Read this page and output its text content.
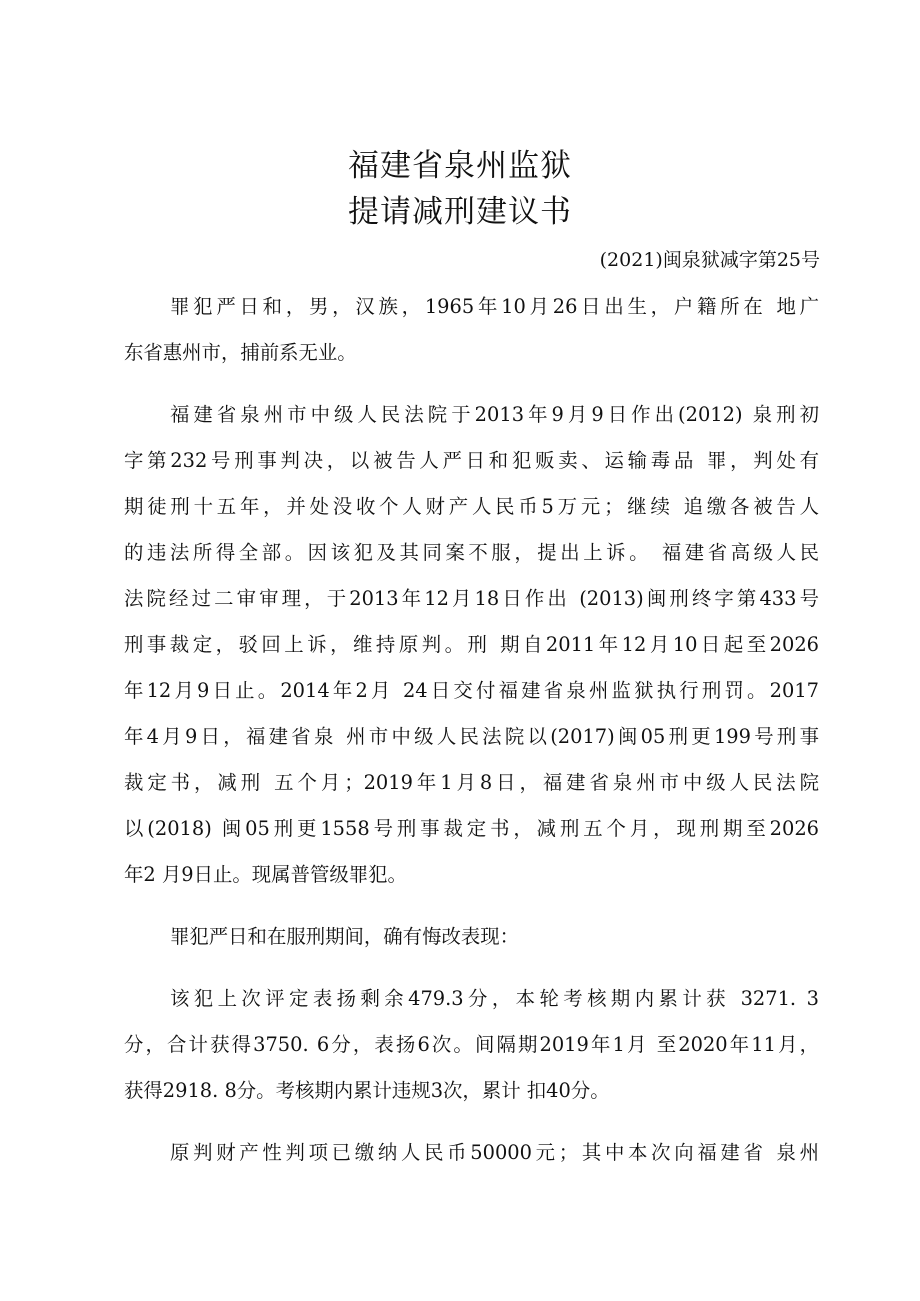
福建省泉州监狱
提请减刑建议书
(2021)闽泉狱减字第25号
罪犯严日和，男，汉族，1965年10月26日出生，户籍所在 地广
东省惠州市，捕前系无业。
福建省泉州市中级人民法院于2013年9月9日作出(2012) 泉刑初
字第232号刑事判决，以被告人严日和犯贩卖、运输毒品 罪，判处有
期徒刑十五年，并处没收个人财产人民币5万元；继续 追缴各被告人
的违法所得全部。因该犯及其同案不服，提出上诉。 福建省高级人民
法院经过二审审理，于2013年12月18日作出 (2013)闽刑终字第433号
刑事裁定，驳回上诉，维持原判。刑 期自2011年12月10日起至2026
年12月9日止。2014年2月 24日交付福建省泉州监狱执行刑罚。2017
年4月9日，福建省泉 州市中级人民法院以(2017)闽05刑更199号刑事
裁定书，减刑 五个月；2019年1月8日，福建省泉州市中级人民法院
以(2018) 闽05刑更1558号刑事裁定书，减刑五个月，现刑期至2026
年2 月9日止。现属普管级罪犯。
罪犯严日和在服刑期间，确有悔改表现：
该犯上次评定表扬剩余479.3分，本轮考核期内累计获 3271. 3
分，合计获得3750. 6分，表扬6次。间隔期2019年1月 至2020年11月，
获得2918. 8分。考核期内累计违规3次，累计 扣40分。
原判财产性判项已缴纳人民币50000元；其中本次向福建省 泉州
